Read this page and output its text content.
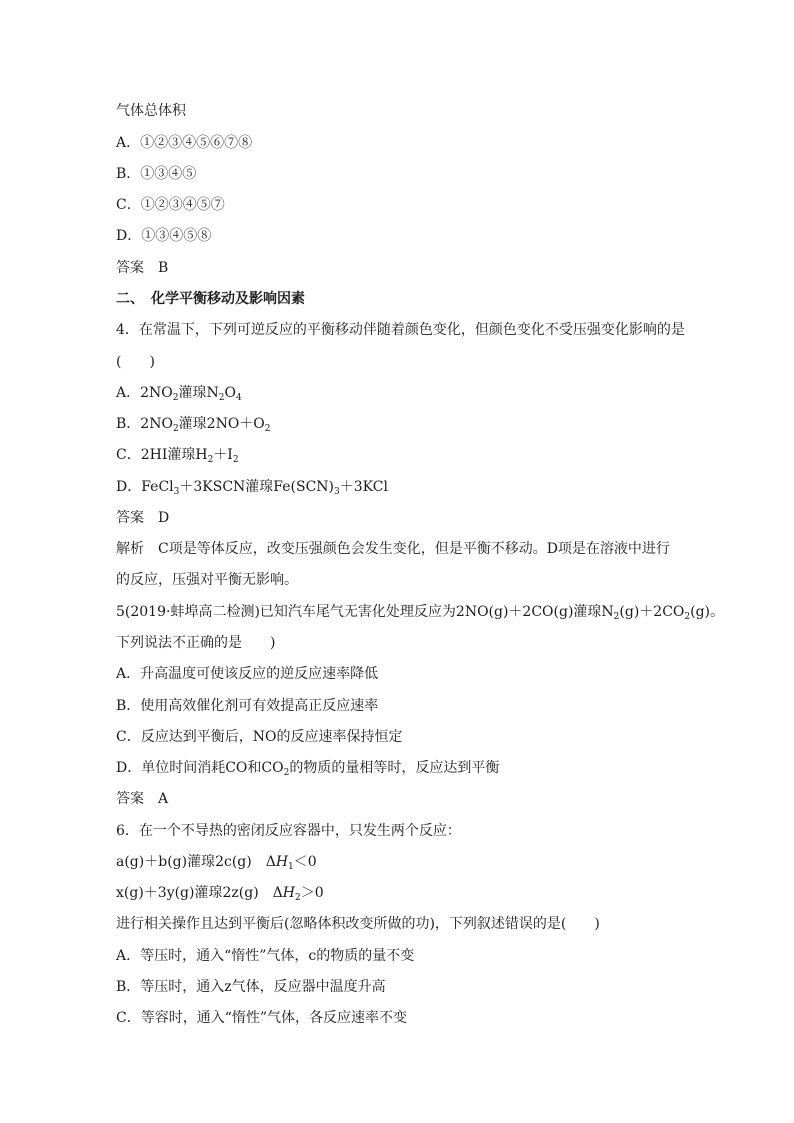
气体总体积
A．①②③④⑤⑥⑦⑧
B．①③④⑤
C．①②③④⑤⑦
D．①③④⑤⑧
答案　B
二、　化学平衡移动及影响因素
4．在常温下，下列可逆反应的平衡移动伴随着颜色变化，但颜色变化不受压强变化影响的是
(　　)
A．$2NO_2$灌瑔$N_2O_4$
B．$2NO_2$灌瑔$2NO+O_2$
C．2HI灌瑔$H_2+I_2$
D．FeCl$_3$＋3KSCN灌瑔$Fe(SCN)_3+3KCl$
答案　D
解析　C项是等体反应，改变压强颜色会发生变化，但是平衡不移动。D项是在溶液中进行
的反应，压强对平衡无影响。
5(2019·蚌埠高二检测)已知汽车尾气无害化处理反应为2NO(g)＋2CO(g)灌瑔$N_2(g)+2CO_2(g)$。
下列说法不正确的是　　)
A．升高温度可使该反应的逆反应速率降低
B．使用高效催化剂可有效提高正反应速率
C．反应达到平衡后，NO的反应速率保持恒定
D．单位时间消耗CO和$CO_2$的物质的量相等时，反应达到平衡
答案　A
6．在一个不导热的密闭反应容器中，只发生两个反应：
a(g)＋b(g)灌瑔2c(g)　$\Delta H_1<0$
x(g)＋3y(g)灌瑔2z(g)　$\Delta H_2>0$
进行相关操作且达到平衡后(忽略体积改变所做的功)，下列叙述错误的是(　　)
A．等压时，通入“惰性”气体，c的物质的量不变
B．等压时，通入z气体，反应器中温度升高
C．等容时，通入“惰性”气体，各反应速率不变
